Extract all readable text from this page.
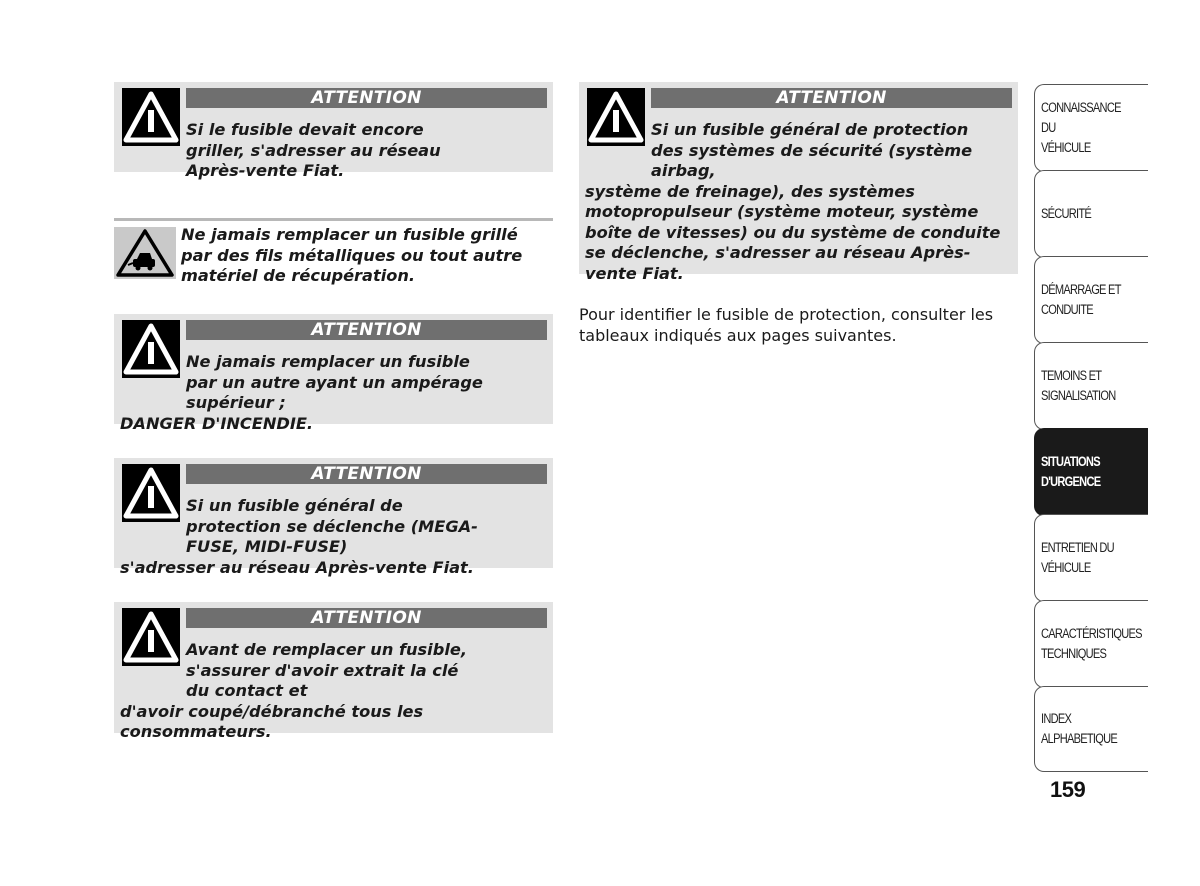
ATTENTION
Si le fusible devait encore griller, s'adresser au réseau Après-vente Fiat.
Ne jamais remplacer un fusible grillé par des fils métalliques ou tout autre matériel de récupération.
ATTENTION
Ne jamais remplacer un fusible par un autre ayant un ampérage supérieur ;
DANGER D'INCENDIE.
ATTENTION
Si un fusible général de protection se déclenche (MEGA-FUSE, MIDI-FUSE)
s'adresser au réseau Après-vente Fiat.
ATTENTION
Avant de remplacer un fusible, s'assurer d'avoir extrait la clé du contact et
d'avoir coupé/débranché tous les consommateurs.
ATTENTION
Si un fusible général de protection des systèmes de sécurité (système airbag,
système de freinage), des systèmes motopropulseur (système moteur, système boîte de vitesses) ou du système de conduite se déclenche, s'adresser au réseau Après-vente Fiat.
Pour identifier le fusible de protection, consulter les tableaux indiqués aux pages suivantes.
CONNAISSANCE DU
VÉHICULE
SÉCURITÉ
DÉMARRAGE ET
CONDUITE
TEMOINS ET
SIGNALISATION
SITUATIONS
D'URGENCE
ENTRETIEN DU
VÉHICULE
CARACTÉRISTIQUES
TECHNIQUES
INDEX
ALPHABETIQUE
159
